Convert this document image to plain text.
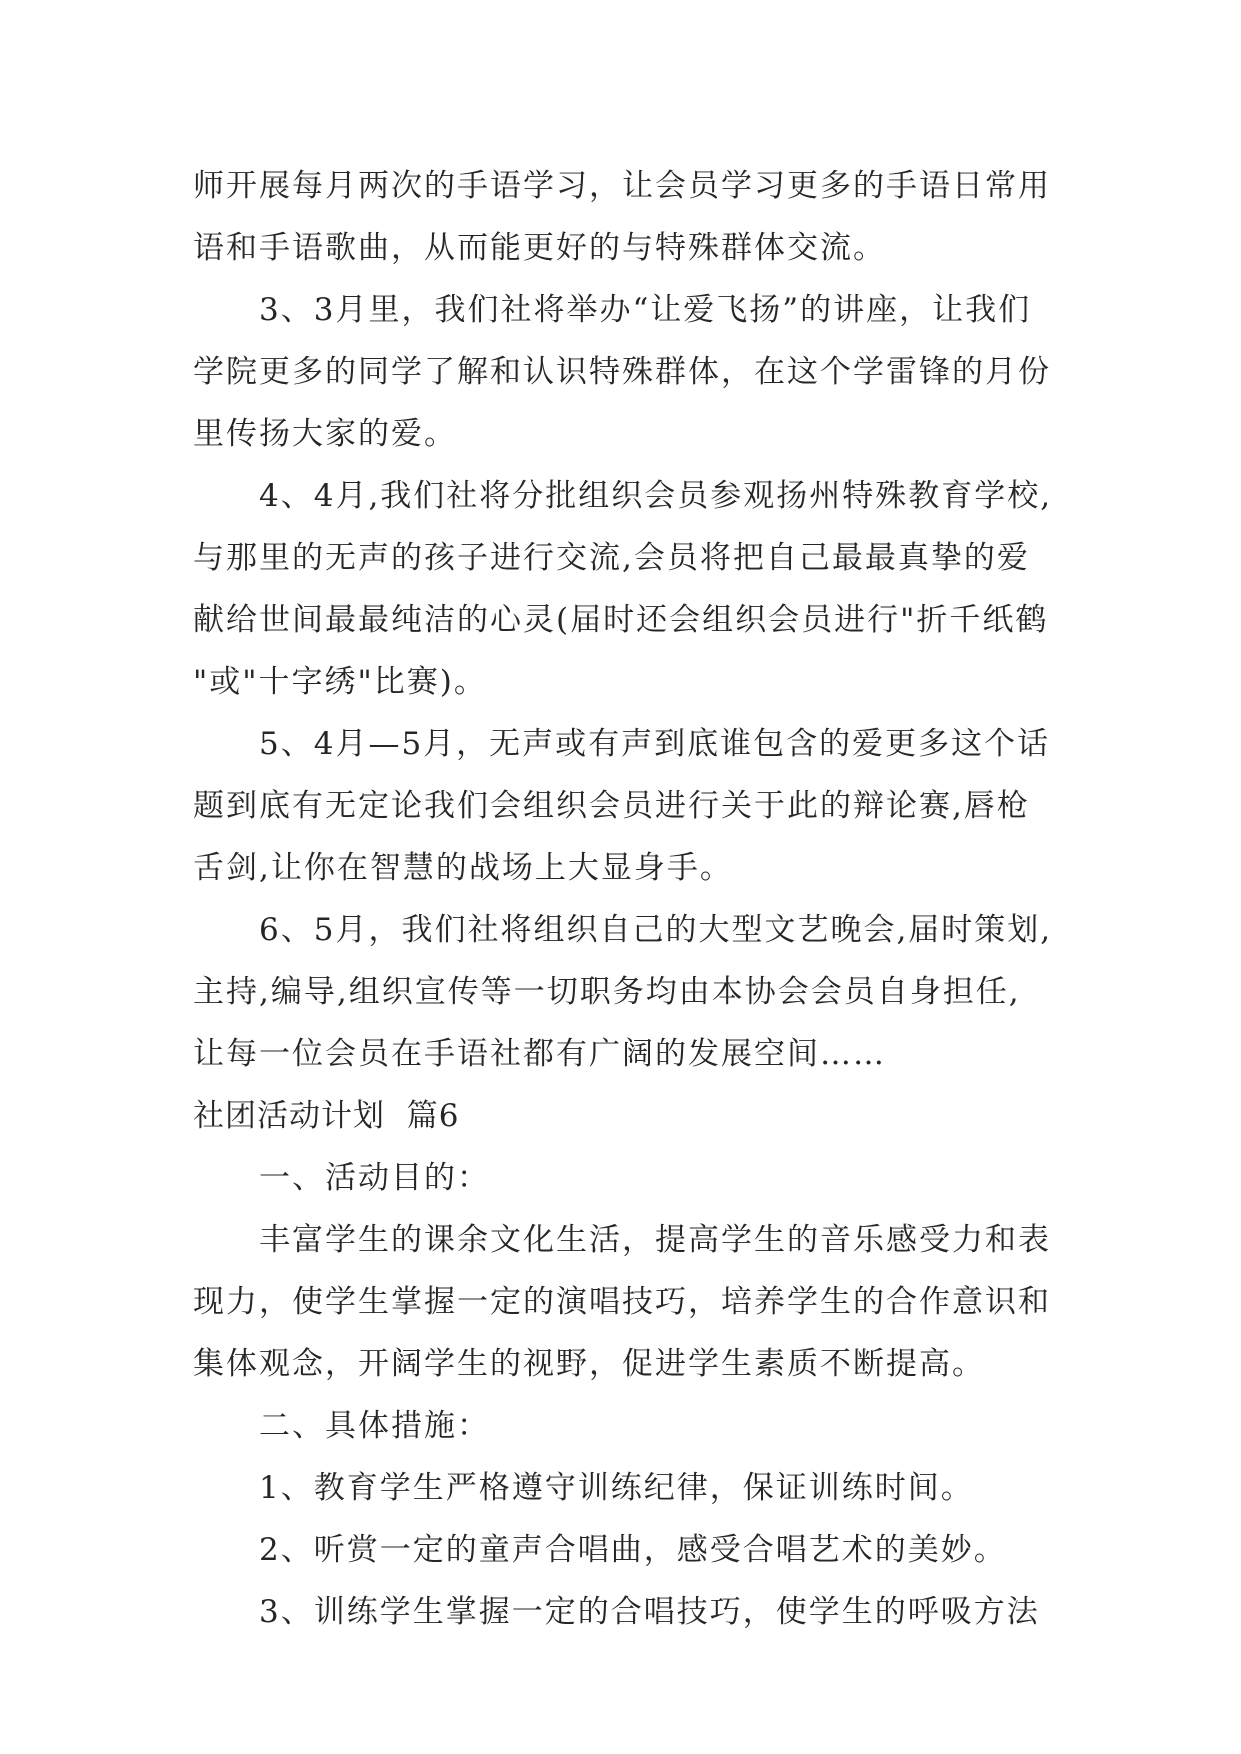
师开展每月两次的手语学习，让会员学习更多的手语日常用
语和手语歌曲，从而能更好的与特殊群体交流。
3、3月里，我们社将举办“让爱飞扬”的讲座，让我们
学院更多的同学了解和认识特殊群体，在这个学雷锋的月份
里传扬大家的爱。
4、4月,我们社将分批组织会员参观扬州特殊教育学校,
与那里的无声的孩子进行交流,会员将把自己最最真挚的爱
献给世间最最纯洁的心灵(届时还会组织会员进行"折千纸鹤
"或"十字绣"比赛)。
5、4月—5月，无声或有声到底谁包含的爱更多这个话
题到底有无定论我们会组织会员进行关于此的辩论赛,唇枪
舌剑,让你在智慧的战场上大显身手。
6、5月，我们社将组织自己的大型文艺晚会,届时策划,
主持,编导,组织宣传等一切职务均由本协会会员自身担任,
让每一位会员在手语社都有广阔的发展空间……
社团活动计划  篇6
一、活动目的：
丰富学生的课余文化生活，提高学生的音乐感受力和表
现力，使学生掌握一定的演唱技巧，培养学生的合作意识和
集体观念，开阔学生的视野，促进学生素质不断提高。
二、具体措施：
1、教育学生严格遵守训练纪律，保证训练时间。
2、听赏一定的童声合唱曲，感受合唱艺术的美妙。
3、训练学生掌握一定的合唱技巧，使学生的呼吸方法
